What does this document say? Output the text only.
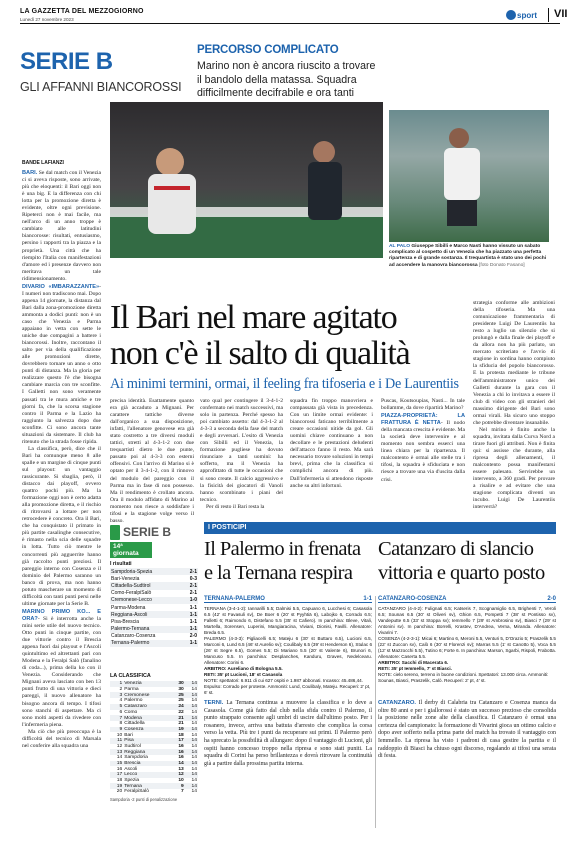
LA GAZZETTA DEL MEZZOGIORNO
Lunedì 27 novembre 2023	sport	VII
SERIE B
GLI AFFANNI BIANCOROSSI
PERCORSO COMPLICATO
Marino non è ancora riuscito a trovare il bandolo della matassa. Squadra difficilmente decifrabile e ora tanti
AL PALO Giuseppe Sibilli e Marco Nasti hanno vissuto un sabato complicato al cospetto di un Venezia che ha piazzato una perfetta ripartenza e di grande sostanza. Il trequartista è stato uno dei pochi ad accendere la manovra biancorossa [foto Donato Fasano]
BANDE LAFIANZI

BARI. Se dal match con il Venezia ci si aveva risposte, sono arrivate, più che eloquenti: il Bari oggi non è una big. E la differenza con chi lotta per la promozione diretta è evidente, oltre ogni previsione. Ripeterci non è mai facile, ma nell'arco di un anno troppe è cambiato alle latitudini biancorosse: risultati, entusiasmo, persino i rapporti tra la piazza e la proprietà. Una città che ha riempito l'Italia con manifestazioni d'amore ed i presenze davvero non meritava un tale ridimensionamento.

DIVARIO «IMBARAZZANTE»- I numeri non tradiscono mai. Dopo appena 14 giornate, la distanza dal Bari dalla zona-promozione diretta ammonta a dodici punti: non è un caso che Venezia e Parma appaiano in vetta con sette le uniche due compagini a battere i biancorossi. Inoltre, raccontano il salto per via della qualificazione alle promozioni dirette, dovrebbero tornare un anno o otto punti di distanza. Ma la gloria per realizzare questo l'è che bisogna cambiare marcia con tre sconfitte. I Galletti non sono veramente passati tra le mura amiche e tre giorni fa, che la scorsa stagione contro il Parma e la Lazio ha raggiunto la salvezza dopo due sconfitte. Ci sono ancora tante situazioni da sistemare. Il club ha ritenuto che la strada fosse ripida.

La classifica, però, dice che il Bari ha comunque meno 8 alle spalle e un margine di cinque punti sul playout: un vantaggio rassicurante. Si sbaglia, però, il distacco dai playoff, ovvero quattro pochi più. Ma la formazione oggi non è certo adatta alla promozione diretta, e il rischio di ritrovarsi a lottare per non retrocedere è concreto. Ora il Bari, che ha conquistato il primato in più partite casalinghe consecutive, è rimasto nella scia delle squadre in lotta. Tutto ciò mentre le concorrenti più agguerrite hanno già raccolto punti preziosi. Il pareggio interno con Cosenza e il dominio del Palermo saranno un banco di prova, ma non hanno potuto mascherare un momento di difficoltà con tanti punti persi nelle ultime giornate per la Serie B.

MARINO PRIMO KO... E ORA?- Si è interrotta anche la mini serie utile del nuovo tecnico. Otto punti in cinque partite, con due vittorie contro il Brescia appena fuori dai playout e l'Ascoli quintultimo ed altrettanti pari con Modena e la Feralpi Salò (fanalino di coda...), prima della ko con il Venezia. Considerando che Mignani aveva lasciato con ben 13 punti frutto di una vittoria e dieci pareggi, il nuovo allenatore ha bisogno ancora di tempo. I tifosi sono stanchi di aspettare. Ma ci sono molti aspetti da rivedere con l'infermeria piena.

Ma ciò che più preoccupa è la difficoltà del tecnico di Marsala nel conferire alla squadra una

strategia conforme alle ambizioni della tifoseria. Ma una comunicazione frammentaria di presidente Luigi De Laurentiis ha resto a luglio un silenzio che si prolungò e dalla finale dei playoff e da allora non ha più parlato, un mercato scriteriato e l'avvio di stagione in sordina hanno compiuto la sfiducia del popolo biancorosso. E la protesta mediante le tribune dell'amministratore unico dei Galletti durante la gara con il Venezia a chi lo invitava a essere il club di video con gli stranieri del massimo dirigente del Bari sono ormai virali. Ha sicuro uno stoppo che potrebbe diventare insanabile.

Nel mirino è finito anche la squadra, invitata dalla Curva Nord a tirare fuori gli attributi. Non è finita qui: si assisse che durante, alla ripresa degli allenamenti, il malcontento possa manifestarsi essere palesato. Servirebbe un intervento, a 360 gradi. Per provare a risalire e ad evitare che una stagione complicata diventi un incubo. Luigi De Laurentiis interverrà?

Il Bari nel mare agitato
non c'è il salto di qualità
Ai minimi termini, ormai, il feeling fra tifoseria e i De Laurentiis
precisa identità. Esattamente quanto era già accaduto a Mignani. Per carattere tattiche diverse dall'organico a sua disposizione, infatti, l'allenatore genovese era già stato costretto a tre diversi moduli tattici, stretti al 4-3-1-2 con due trequartisti dietro le due punte, passato poi al 4-3-3 con esterni offensivi. Con l'arrivo di Marino si è optato per il 3-4-1-2, con il rinnovo del modulo del pareggio con il Parma ma in fase di non possesso. Ma il rendimento è crollato ancora. Ora il modulo affidato di Marino al momento non riesce a soddisfare i tifosi e la stagione volge verso il basso.

vato qual per contingere il 3-4-1-2 confermato nei match successivi, ma solo in partenza. Perché spesso ha poi cambiato assetto: dal 4-3-1-2 al 4-3-3 a seconda della fase del match e degli avversari. L'esito di Venezia con Sibilli ed il Venezia, la formazione pugliese ha dovuto rinunciare a tanti uomini: ha sofferto, ma il Venezia ha approfittato di tutte le occasioni che si sono create. Il calcio aggressivo e la fisicità dei giocatori di Vanoli hanno scombinato i piani del tecnico.

Per di resto il Bari resta la

squadra fin troppo manovriera e compassata già vista in precedenza. Con un limite ormai evidente: i biancorossi faticano terribilmente a creare occasioni nitide da gol. Gli uomini chiave continuano a non decollare e le prestazioni deludenti dell'attacco fanno il resto. Ma sarà necessario trovare soluzioni in tempi brevi, prima che la classifica si complichi ancora di più. Dall'infermeria si attendono risposte anche su altri infortuni.

Puscas, Koutsoupias, Nasti... In tale bollamme, da dove ripartirà Marino?

PIAZZA-PROPRIETÀ: LA FRATTURA È NETTA- Il nodo della mancata crescita è evidente. Ma la società deve intervenire e al momento non sembra esserci una linea chiara per la ripartenza. Il malcontento è ormai alle stelle tra i tifosi, la squadra è sfiduciata e non riesce a trovare una via d'uscita dalla crisi.

SERIE B
14ª giornata
I risultati
Sampdoria-Spezia	2-1
Bari-Venezia	0-3
Cittadella-Sudtirol	2-1
Como-FeralpiSalò	2-1
Cremonese-Lecco	1-0
Parma-Modena	1-1
Reggiana-Ascoli	1-1
Pisa-Brescia	1-1
Palermo-Ternana	1-1
Catanzaro-Cosenza	2-0
Ternana-Palermo	1-1
LA CLASSIFICA
1	Venezia	30	14
2	Parma	30	14
3	Cremonese	25	14
4	Palermo	25	14
5	Catanzaro	24	14
6	Como	22	14
7	Modena	21	14
8	Cittadella	21	14
9	Cosenza	19	14
10	Bari	18	14
11	Pisa	17	14
12	Sudtirol	16	14
13	Reggiana	16	14
14	Sampdoria	16	14
15	Brescia	14	14
16	Ascoli	13	14
17	Lecco	12	14
18	Spezia	10	14
19	Ternana	9	14
20	FeralpiSalò	7	14
Sampdoria -2 punti di penalizzazione
I POSTICIPI
Il Palermo in frenata
e la Ternana respira
Catanzaro di slancio
vittoria e quarto posto
TERNANA-PALERMO	1-1

TERNANA (3-4-1-2): Iannarilli 5.5; Dalmisi 5.5, Capuano 6, Lucchesi 6; Casasola 6.5 (42' st Favasuli sv), De Boer 6 (20' st Pyyhtiä 6), Labojko 6, Corrado 6.5; Falletti 6; Raimondo 6, Distefano 5.5 (35' st Cafiero). In panchina: Bleve, Vitali, Martella, Sorensen, Luperini, Mangiaracina, Viviani, Dionisi, Favilli. Allenatore: Breda 6.5.
PALERMO (4-3-3): Pigliacelli 6.5; Mateju 6 (30' st Buttaro 6.5), Lucioni 6.5, Marconi 6, Lund 6.5 (46' st Aurelio sv); Coulibaly 6.5 (39' st Henderson 6), Stulac 6 (26' st Segre 6.5), Gomes 5.5; Di Mariano 5.5 (20' st Valente 6), Brunori 6, Mancuso 5.5. In panchina: Desplanches, Kanduru, Graves, Nedelcearu. Allenatore: Corini 6.

ARBITRO: Aureliano di Bologna 5.5.

RETI: 35' pt Lucioni, 18' st Casasola

NOTE: spettatori: 6.911 di cui 627 ospiti e 1.987 abbonati. Incasso: 45.486,44. Espulso: Corrado per proteste. Ammoniti: Lund, Coulibaly, Mateju. Recuperi: 2' pt, 6' st.

TERNI. La Ternana continua a muovere la classifica e lo deve a Casasola. Come già fatto dal club nella sfida contro il Palermo, il punto strappato consente agli umbri di uscire dall'ultimo posto. Per i rosanero, invece, arriva una battuta d'arresto che complica la corsa verso la vetta. Più tre i punti da recuperare sui primi. Il Palermo però ha sprecato la possibilità di allungare: dopo il vantaggio di Lucioni, gli ospiti hanno concesso troppo nella ripresa e sono stati puniti. La squadra di Corini ha perso brillantezza e dovrà ritrovare la continuità già a partire dalla prossima partita interna.

CATANZARO-COSENZA	2-0

CATANZARO (4-4-2): Fulignati 6.5; Katseris 7, Scognamiglio 6.5, Brighenti 7, Veroli 6.5; Sounas 6.5 (30' st Oliveri sv), Ghion 6.5, Pompetti 7 (38' st Pontisso sv), Vandeputte 6.5 (33' st Stoppa sv); Iemmello 7 (29' st Ambrosino sv), Biasci 7 (29' st Antonini sv). In panchina: Borrelli, Krastev, D'Andrea, Verna, Miranda. Allenatore: Vivarini 7.
COSENZA (4-2-3-1): Micai 6; Martino 6, Meroni 5.5, Venturi 5, D'Orazio 5; Praszelik 5.5 (22' st Zuccon sv), Calò 6 (30' st Florenzi sv); Marras 5.5 (1' st Canotto 5), Voca 5.5 (12' st Mazzocchi 5.5), Tutino 6; Forte 6. In panchina: Marson, Sgarbi, Rispoli, Frabotta. Allenatore: Caserta 5.5.

ARBITRO: Sacchi di Macerata 6.

RETI: 35' pt Iemmello, 7' st Biasci.

NOTE: cielo sereno, terreno in buone condizioni. Spettatori: 13.000 circa. Ammoniti: Sounas, Biasci, Praszelik, Calò. Recuperi: 2' pt, 4' st.

CATANZARO. Il derby di Calabria tra Catanzaro e Cosenza manca da oltre 80 anni e per i giallorossi è stato un successo prezioso che consolida la posizione nelle zone alte della classifica. Il Catanzaro è ormai una certezza del campionato: la formazione di Vivarini gioca un ottimo calcio e dopo aver sofferto nella prima parte del match ha trovato il vantaggio con Iemmello. La ripresa ha visto i padroni di casa gestire la partita e il raddoppio di Biasci ha chiuso ogni discorso, regalando ai tifosi una serata di festa.
